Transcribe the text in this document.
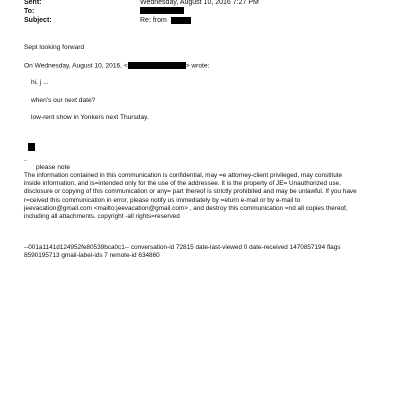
Sent:	Wednesday, August 10, 2016 7:27 PM
To:
Subject:	Re: from
Sept looking forward
On Wednesday, August 10, 2016, <	> wrote:
hi, j ...
when's our next date?
low-rent show in Yonkers next Thursday.
..
please note

The information contained in this communication is confidential, may =e attorney-client privileged, may constitute

inside information, and is=intended only for the use of the addressee. It is the property of JE= Unauthorized use,

disclosure or copying of this communication or any= part thereof is strictly prohibited and may be unlawful. If you have

r=ceived this communication in error, please notify us immediately by =eturn e-mail or by e-mail to

jeevacation@gmail.com <mailto:jeevacation@gmail.com> , and destroy this communication =nd all copies thereof,

including all attachments. copyright -all rights=reserved

--001a1141d124952fe80539bca0c1-- conversation-id 72815 date-last-viewed 0 date-received 1470857194 flags

8590195713 gmail-label-ids 7 remote-id 634860
